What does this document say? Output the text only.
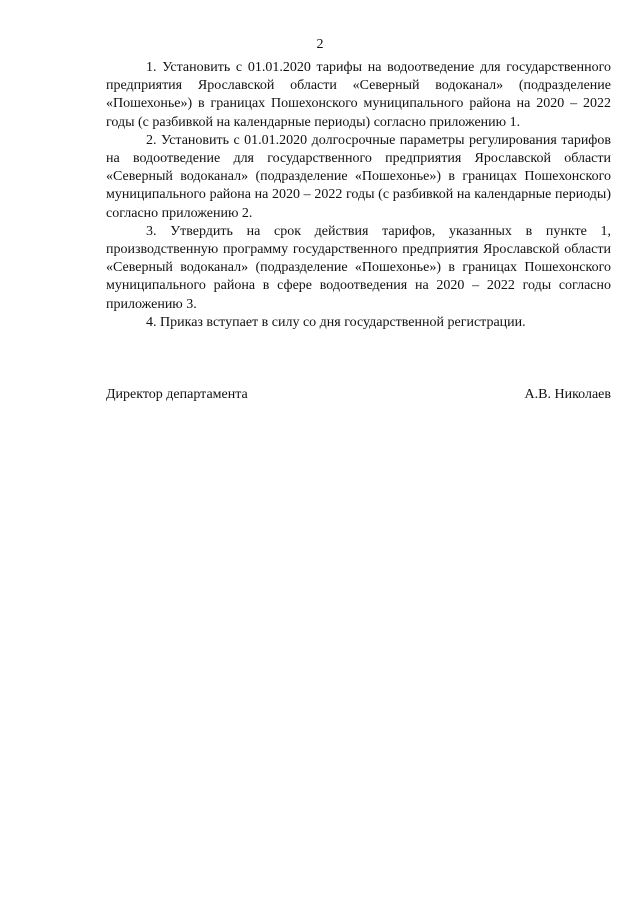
2

1. Установить с 01.01.2020 тарифы на водоотведение для государственного предприятия Ярославской области «Северный водоканал» (подразделение «Пошехонье») в границах Пошехонского муниципального района на 2020 – 2022 годы (с разбивкой на календарные периоды) согласно приложению 1.

2. Установить с 01.01.2020 долгосрочные параметры регулирования тарифов на водоотведение для государственного предприятия Ярославской области «Северный водоканал» (подразделение «Пошехонье») в границах Пошехонского муниципального района на 2020 – 2022 годы (с разбивкой на календарные периоды) согласно приложению 2.

3. Утвердить на срок действия тарифов, указанных в пункте 1, производственную программу государственного предприятия Ярославской области «Северный водоканал» (подразделение «Пошехонье») в границах Пошехонского муниципального района в сфере водоотведения на 2020 – 2022 годы согласно приложению 3.

4. Приказ вступает в силу со дня государственной регистрации.

Директор департамента	А.В. Николаев
